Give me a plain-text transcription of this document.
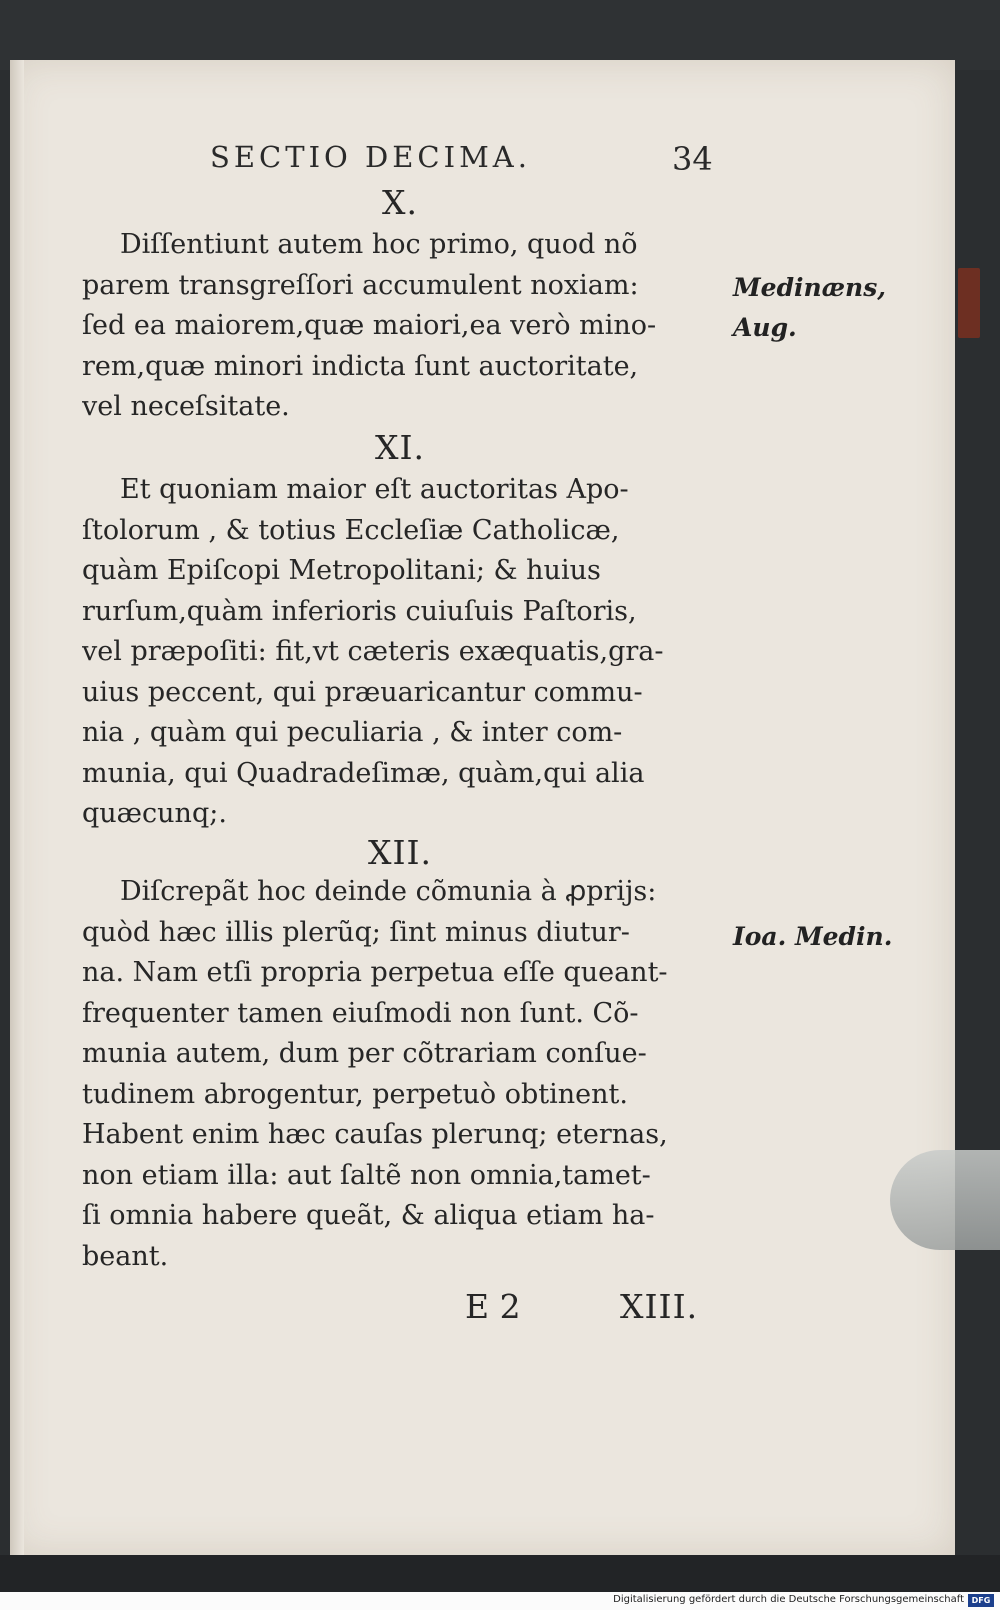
SECTIO DECIMA.	34
X.
Diſſentiunt autem hoc primo, quod nõ
parem transgreſſori accumulent noxiam:
ſed ea maiorem,quæ maiori,ea verò mino-
rem,quæ minori indicta ſunt auctoritate,
vel neceſsitate.
Medinæns,
Aug.
XI.
Et quoniam maior eſt auctoritas Apo-
ſtolorum , & totius Eccleſiæ Catholicæ,
quàm Epiſcopi Metropolitani; & huius
rurſum,quàm inferioris cuiuſuis Paſtoris,
vel præpoſiti: fit,vt cæteris exæquatis,gra-
uius peccent, qui præuaricantur commu-
nia , quàm qui peculiaria , & inter com-
munia, qui Quadradeſimæ, quàm,qui alia
quæcunq;.
XII.
Diſcrepãt hoc deinde cõmunia à ꝓprijs:
quòd hæc illis plerũq; ſint minus diutur-
na. Nam etſi propria perpetua eſſe queant-
frequenter tamen eiuſmodi non ſunt. Cõ-
munia autem, dum per cõtrariam conſue-
tudinem abrogentur, perpetuò obtinent.
Habent enim hæc cauſas plerunq; eternas,
non etiam illa: aut ſaltẽ non omnia,tamet-
ſi omnia habere queãt, & aliqua etiam ha-
beant.
Ioa. Medin.
E 2	XIII.
Digitalisierung gefördert durch die Deutsche Forschungsgemeinschaft DFG
